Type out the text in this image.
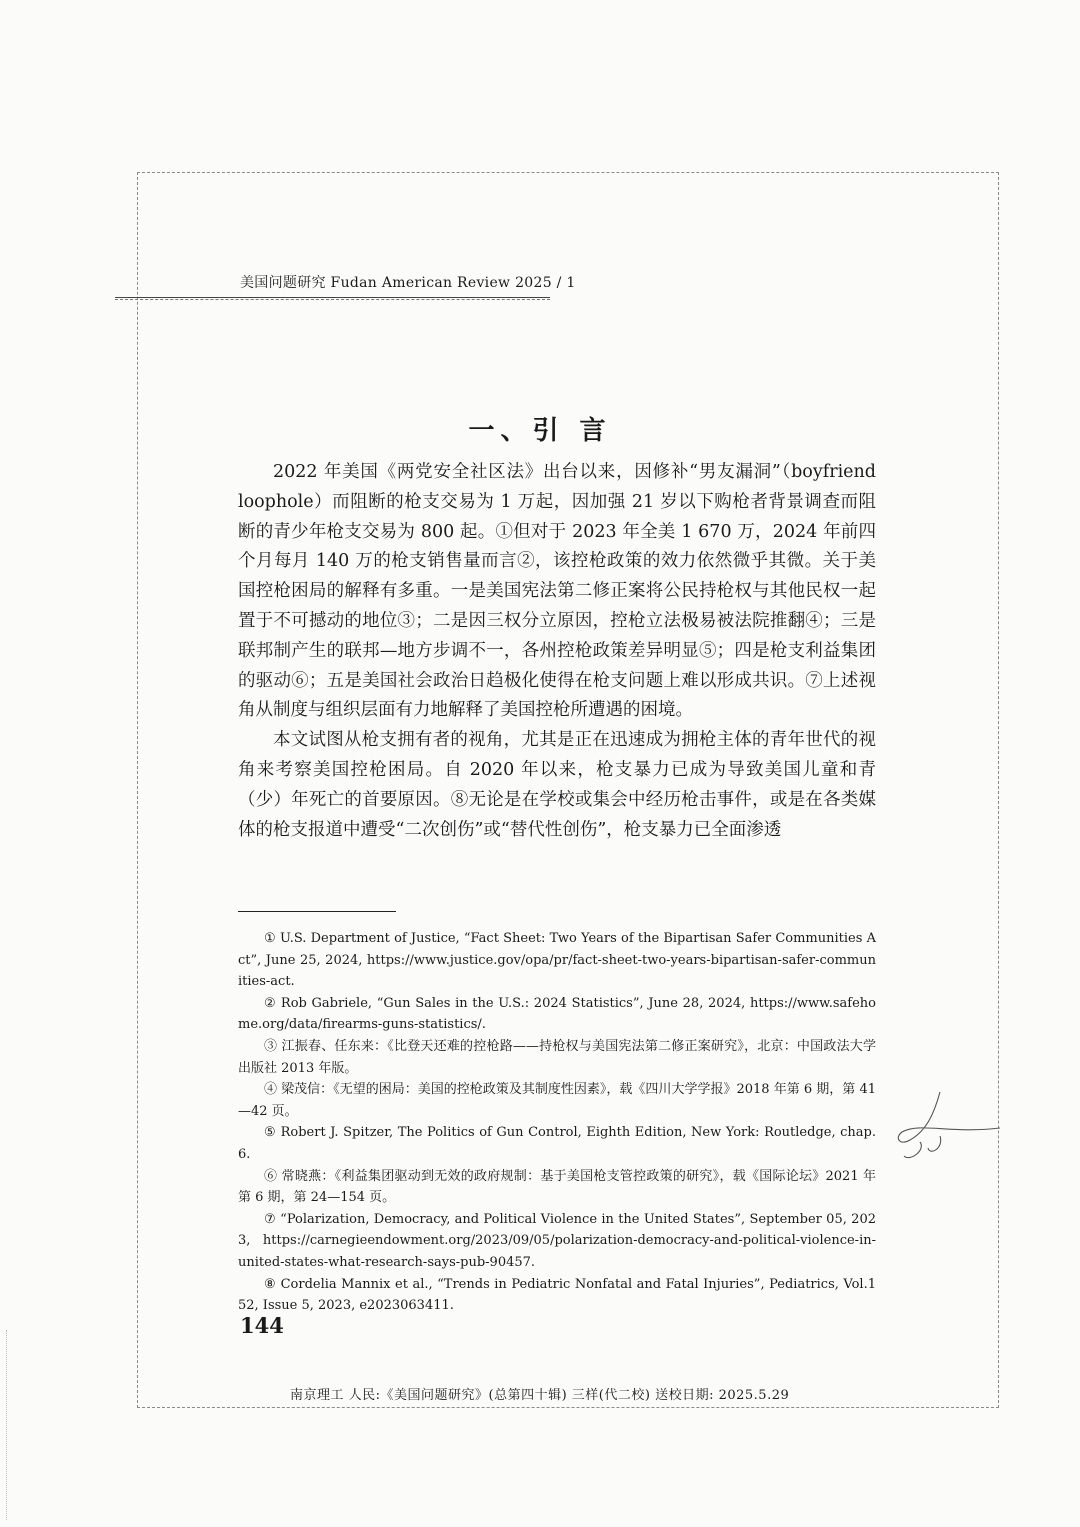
美国问题研究 Fudan American Review 2025 / 1
一、引 言

2022 年美国《两党安全社区法》出台以来，因修补“男友漏洞”（boyfriend loophole）而阻断的枪支交易为 1 万起，因加强 21 岁以下购枪者背景调查而阻断的青少年枪支交易为 800 起。①但对于 2023 年全美 1 670 万，2024 年前四个月每月 140 万的枪支销售量而言②，该控枪政策的效力依然微乎其微。关于美国控枪困局的解释有多重。一是美国宪法第二修正案将公民持枪权与其他民权一起置于不可撼动的地位③；二是因三权分立原因，控枪立法极易被法院推翻④；三是联邦制产生的联邦—地方步调不一，各州控枪政策差异明显⑤；四是枪支利益集团的驱动⑥；五是美国社会政治日趋极化使得在枪支问题上难以形成共识。⑦上述视角从制度与组织层面有力地解释了美国控枪所遭遇的困境。

本文试图从枪支拥有者的视角，尤其是正在迅速成为拥枪主体的青年世代的视角来考察美国控枪困局。自 2020 年以来，枪支暴力已成为导致美国儿童和青（少）年死亡的首要原因。⑧无论是在学校或集会中经历枪击事件，或是在各类媒体的枪支报道中遭受“二次创伤”或“替代性创伤”，枪支暴力已全面渗透

① U.S. Department of Justice, “Fact Sheet: Two Years of the Bipartisan Safer Communities Act”, June 25, 2024, https://www.justice.gov/opa/pr/fact-sheet-two-years-bipartisan-safer-communities-act.
② Rob Gabriele, “Gun Sales in the U.S.: 2024 Statistics”, June 28, 2024, https://www.safehome.org/data/firearms-guns-statistics/.
③ 江振春、任东来：《比登天还难的控枪路——持枪权与美国宪法第二修正案研究》，北京：中国政法大学出版社 2013 年版。
④ 梁茂信：《无望的困局：美国的控枪政策及其制度性因素》，载《四川大学学报》2018 年第 6 期，第 41—42 页。
⑤ Robert J. Spitzer, The Politics of Gun Control, Eighth Edition, New York: Routledge, chap. 6.
⑥ 常晓燕：《利益集团驱动到无效的政府规制：基于美国枪支管控政策的研究》，载《国际论坛》2021 年第 6 期，第 24—154 页。
⑦ “Polarization, Democracy, and Political Violence in the United States”, September 05, 2023, https://carnegieendowment.org/2023/09/05/polarization-democracy-and-political-violence-in-united-states-what-research-says-pub-90457.
⑧ Cordelia Mannix et al., “Trends in Pediatric Nonfatal and Fatal Injuries”, Pediatrics, Vol.152, Issue 5, 2023, e2023063411.
144
南京理工 人民:《美国问题研究》(总第四十辑) 三样(代二校) 送校日期: 2025.5.29
